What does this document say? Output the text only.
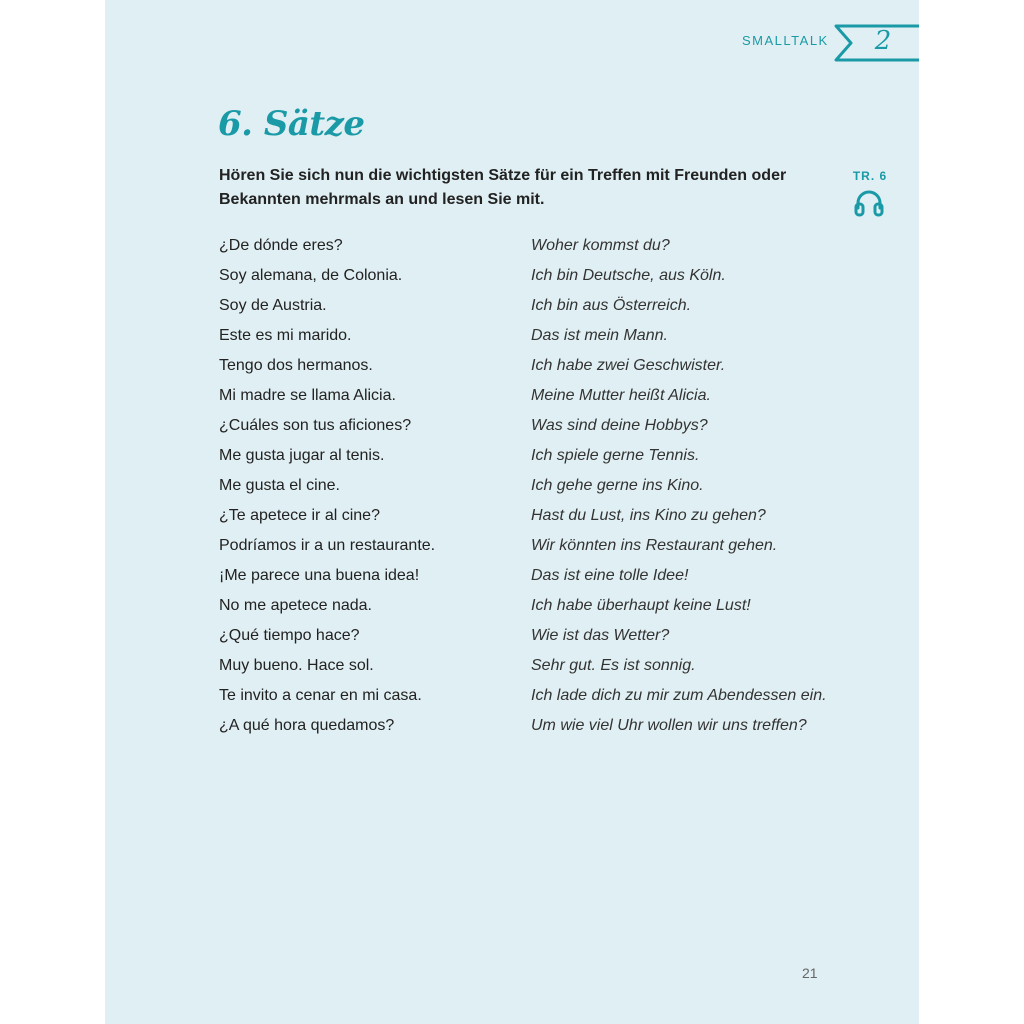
SMALLTALK	2
6. Sätze
Hören Sie sich nun die wichtigsten Sätze für ein Treffen mit Freunden oder Bekannten mehrmals an und lesen Sie mit.
TR. 6
¿De dónde eres?	Woher kommst du?
Soy alemana, de Colonia.	Ich bin Deutsche, aus Köln.
Soy de Austria.	Ich bin aus Österreich.
Este es mi marido.	Das ist mein Mann.
Tengo dos hermanos.	Ich habe zwei Geschwister.
Mi madre se llama Alicia.	Meine Mutter heißt Alicia.
¿Cuáles son tus aficiones?	Was sind deine Hobbys?
Me gusta jugar al tenis.	Ich spiele gerne Tennis.
Me gusta el cine.	Ich gehe gerne ins Kino.
¿Te apetece ir al cine?	Hast du Lust, ins Kino zu gehen?
Podríamos ir a un restaurante.	Wir könnten ins Restaurant gehen.
¡Me parece una buena idea!	Das ist eine tolle Idee!
No me apetece nada.	Ich habe überhaupt keine Lust!
¿Qué tiempo hace?	Wie ist das Wetter?
Muy bueno. Hace sol.	Sehr gut. Es ist sonnig.
Te invito a cenar en mi casa.	Ich lade dich zu mir zum Abendessen ein.
¿A qué hora quedamos?	Um wie viel Uhr wollen wir uns treffen?
21
